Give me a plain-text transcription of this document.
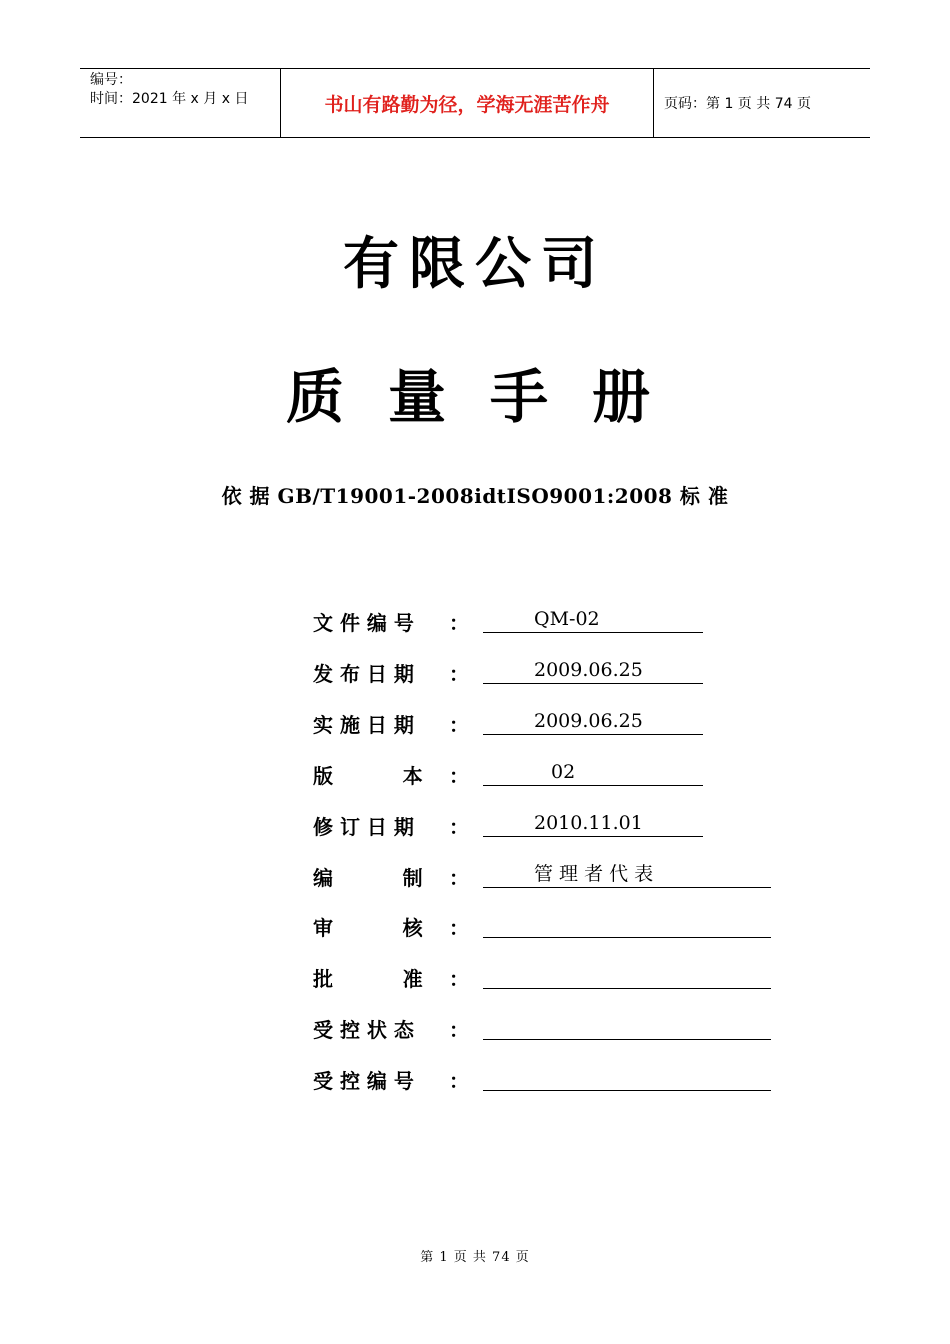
编号：
时间：2021 年 x 月 x 日	书山有路勤为径，学海无涯苦作舟	页码：第 1 页 共 74 页
有限公司
质量手册
依 据 GB/T19001-2008idtISO9001:2008 标 准
文 件 编 号	：	QM-02
发 布 日 期	：	2009.06.25
实 施 日 期	：	2009.06.25
版          本	：	02
修 订 日 期	：	2010.11.01
编          制	：	管 理 者 代 表
审          核	：
批          准	：
受 控 状 态	：
受 控 编 号	：
第 1 页 共 74 页
